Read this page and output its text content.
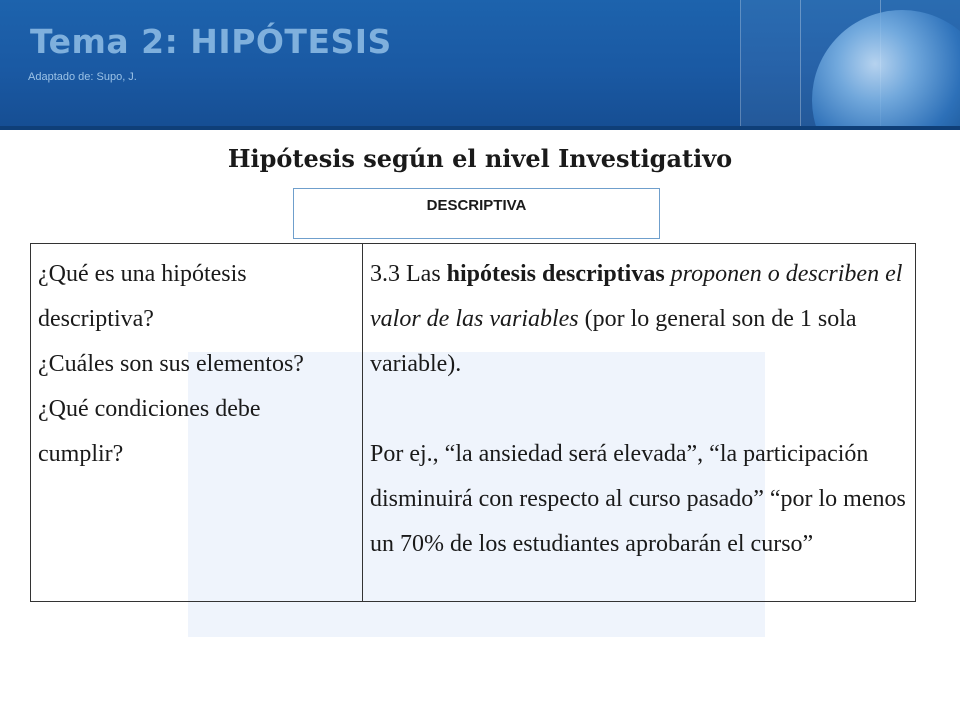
Tema 2: HIPÓTESIS

Adaptado de: Supo, J.

Hipótesis según el nivel Investigativo
DESCRIPTIVA

¿Qué es una hipótesis descriptiva?

¿Cuáles son sus elementos?

¿Qué condiciones debe cumplir?

3.3 Las hipótesis descriptivas proponen o describen el valor de las variables (por lo general son de 1 sola variable).

Por ej., “la ansiedad será elevada”, “la participación disminuirá con respecto al curso pasado” “por lo menos un 70% de los estudiantes aprobarán el curso”
